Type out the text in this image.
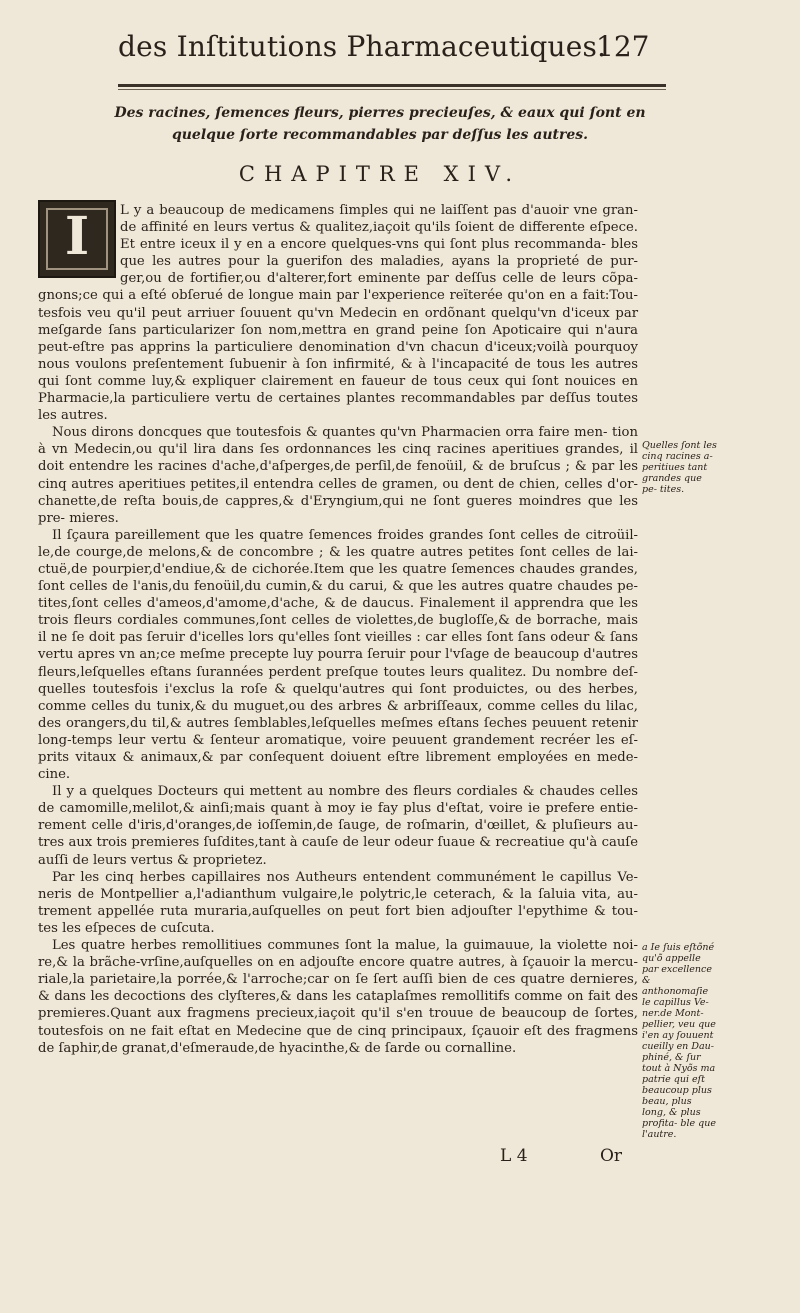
des Inſtitutions Pharmaceutiques.
127
Des racines, ſemences fleurs, pierres precieuſes, & eaux qui ſont en
quelque ſorte recommandables par deſſus les autres.
CHAPITRE XIV.
I	L y a beaucoup de medicamens ſimples qui ne laiſſent pas d'auoir vne gran- de affinité en leurs vertus & qualitez,iaçoit qu'ils ſoient de differente eſpece. Et entre iceux il y en a encore quelques-vns qui ſont plus recommanda- bles que les autres pour la guerifon des maladies, ayans la proprieté de pur- ger,ou de fortifier,ou d'alterer,fort eminente par deſſus celle de leurs cõpa- gnons;ce qui a eſté obſerué de longue main par l'experience reïterée qu'on en a fait:Tou- tesfois veu qu'il peut arriuer ſouuent qu'vn Medecin en ordõnant quelqu'vn d'iceux par meſgarde ſans particularizer ſon nom,mettra en grand peine ſon Apoticaire qui n'aura peut-eſtre pas apprins la particuliere denomination d'vn chacun d'iceux;voilà pourquoy nous voulons preſentement ſubuenir à ſon infirmité, & à l'incapacité de tous les autres qui ſont comme luy,& expliquer clairement en faueur de tous ceux qui ſont nouices en Pharmacie,la particuliere vertu de certaines plantes recommandables par deſſus toutes les autres.

Nous dirons doncques que toutesfois & quantes qu'vn Pharmacien orra faire men- tion à vn Medecin,ou qu'il lira dans ſes ordonnances les cinq racines aperitiues grandes, il doit entendre les racines d'ache,d'aſperges,de perſil,de fenoüil, & de bruſcus ; & par les cinq autres aperitiues petites,il entendra celles de gramen, ou dent de chien, celles d'or- chanette,de reſta bouis,de cappres,& d'Eryngium,qui ne ſont gueres moindres que les pre- mieres.

Il ſçaura pareillement que les quatre ſemences froides grandes ſont celles de citroüil- le,de courge,de melons,& de concombre ; & les quatre autres petites ſont celles de lai- ctuë,de pourpier,d'endiue,& de cichorée.Item que les quatre ſemences chaudes grandes, ſont celles de l'anis,du fenoüil,du cumin,& du carui, & que les autres quatre chaudes pe- tites,ſont celles d'ameos,d'amome,d'ache, & de daucus. Finalement il apprendra que les trois fleurs cordiales communes,ſont celles de violettes,de bugloſſe,& de borrache, mais il ne ſe doit pas ſeruir d'icelles lors qu'elles ſont vieilles : car elles ſont ſans odeur & ſans vertu apres vn an;ce meſme precepte luy pourra ſeruir pour l'vſage de beaucoup d'autres fleurs,leſquelles eſtans ſurannées perdent preſque toutes leurs qualitez. Du nombre deſ- quelles toutesfois i'exclus la roſe & quelqu'autres qui ſont produictes, ou des herbes, comme celles du tunix,& du muguet,ou des arbres & arbriſſeaux, comme celles du lilac, des orangers,du til,& autres ſemblables,leſquelles meſmes eſtans ſeches peuuent retenir long-temps leur vertu & ſenteur aromatique, voire peuuent grandement recréer les eſ- prits vitaux & animaux,& par conſequent doiuent eſtre librement employées en mede- cine.

Il y a quelques Docteurs qui mettent au nombre des fleurs cordiales & chaudes celles de camomille,melilot,& ainſi;mais quant à moy ie fay plus d'eſtat, voire ie prefere entie- rement celle d'iris,d'oranges,de ioſſemin,de ſauge, de roſmarin, d'œillet, & pluſieurs au- tres aux trois premieres ſuſdites,tant à cauſe de leur odeur ſuaue & recreatiue qu'à cauſe auſſi de leurs vertus & proprietez.

Par les cinq herbes capillaires nos Autheurs entendent communément le capillus Ve- neris de Montpellier a,l'adianthum vulgaire,le polytric,le ceterach, & la ſaluia vita, au- trement appellée ruta muraria,auſquelles on peut fort bien adjouſter l'epythime & tou- tes les eſpeces de cuſcuta.

Les quatre herbes remollitiues communes ſont la malue, la guimauue, la violette noi- re,& la brãche-vrſine,auſquelles on en adjouſte encore quatre autres, à ſçauoir la mercu- riale,la parietaire,la porrée,& l'arroche;car on ſe ſert auſſi bien de ces quatre dernieres, & dans les decoctions des clyſteres,& dans les cataplaſmes remollitifs comme on fait des premieres.Quant aux fragmens precieux,iaçoit qu'il s'en trouue de beaucoup de ſortes, toutesfois on ne fait eſtat en Medecine que de cinq principaux, ſçauoir eſt des fragmens de ſaphir,de granat,d'eſmeraude,de hyacinthe,& de ſarde ou cornalline.

Quelles ſont les cinq racines a- peritiues tant grandes que pe- tites.
a Ie ſuis eſtõné qu'õ appelle par excellence & anthonomaſie le capillus Ve- ner.de Mont- pellier, veu que i'en ay ſouuent cueilly en Dau- phiné, & ſur tout à Nyõs ma patrie qui eſt beaucoup plus beau, plus long, & plus profita- ble que l'autre.
L 4	Or
